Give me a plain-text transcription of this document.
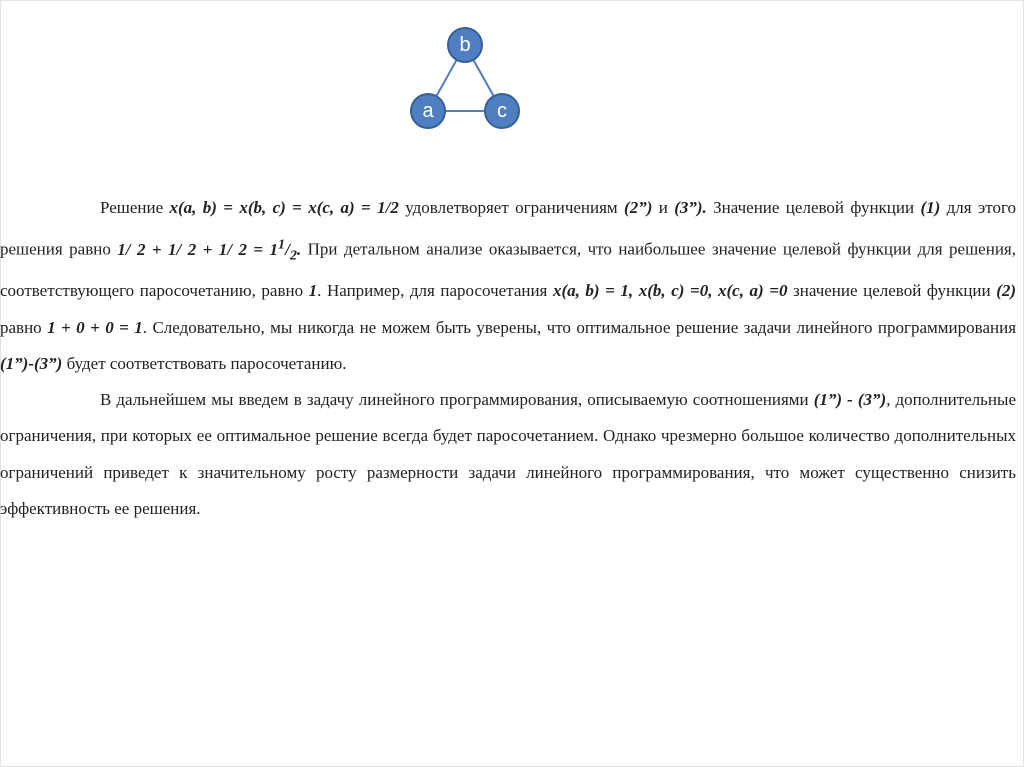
b
a	c

Решение x(a, b) = x(b, c) = x(c, a) = 1/2 удовлетворяет ограничениям (2”) и (3”). Значение целевой функции (1) для этого решения равно 1/ 2 + 1/ 2 + 1/ $2 = 1^1/_2$. При детальном анализе оказывается, что наибольшее значение целевой функции для решения, соответствующего паросочетанию, равно 1. Например, для паросочетания x(a, b) = 1, x(b, c) =0, x(c, a) =0 значение целевой функции (2) равно 1 + 0 + 0 = 1. Следовательно, мы никогда не можем быть уверены, что оптимальное решение задачи линейного программирования (1”)-(3”) будет соответствовать паросочетанию.

В дальнейшем мы введем в задачу линейного программирования, описываемую соотношениями (1”) - (3”), дополнительные ограничения, при которых ее оптимальное решение всегда будет паросочетанием. Однако чрезмерно большое количество дополнительных ограничений приведет к значительному росту размерности задачи линейного программирования, что может существенно снизить эффективность ее решения.
